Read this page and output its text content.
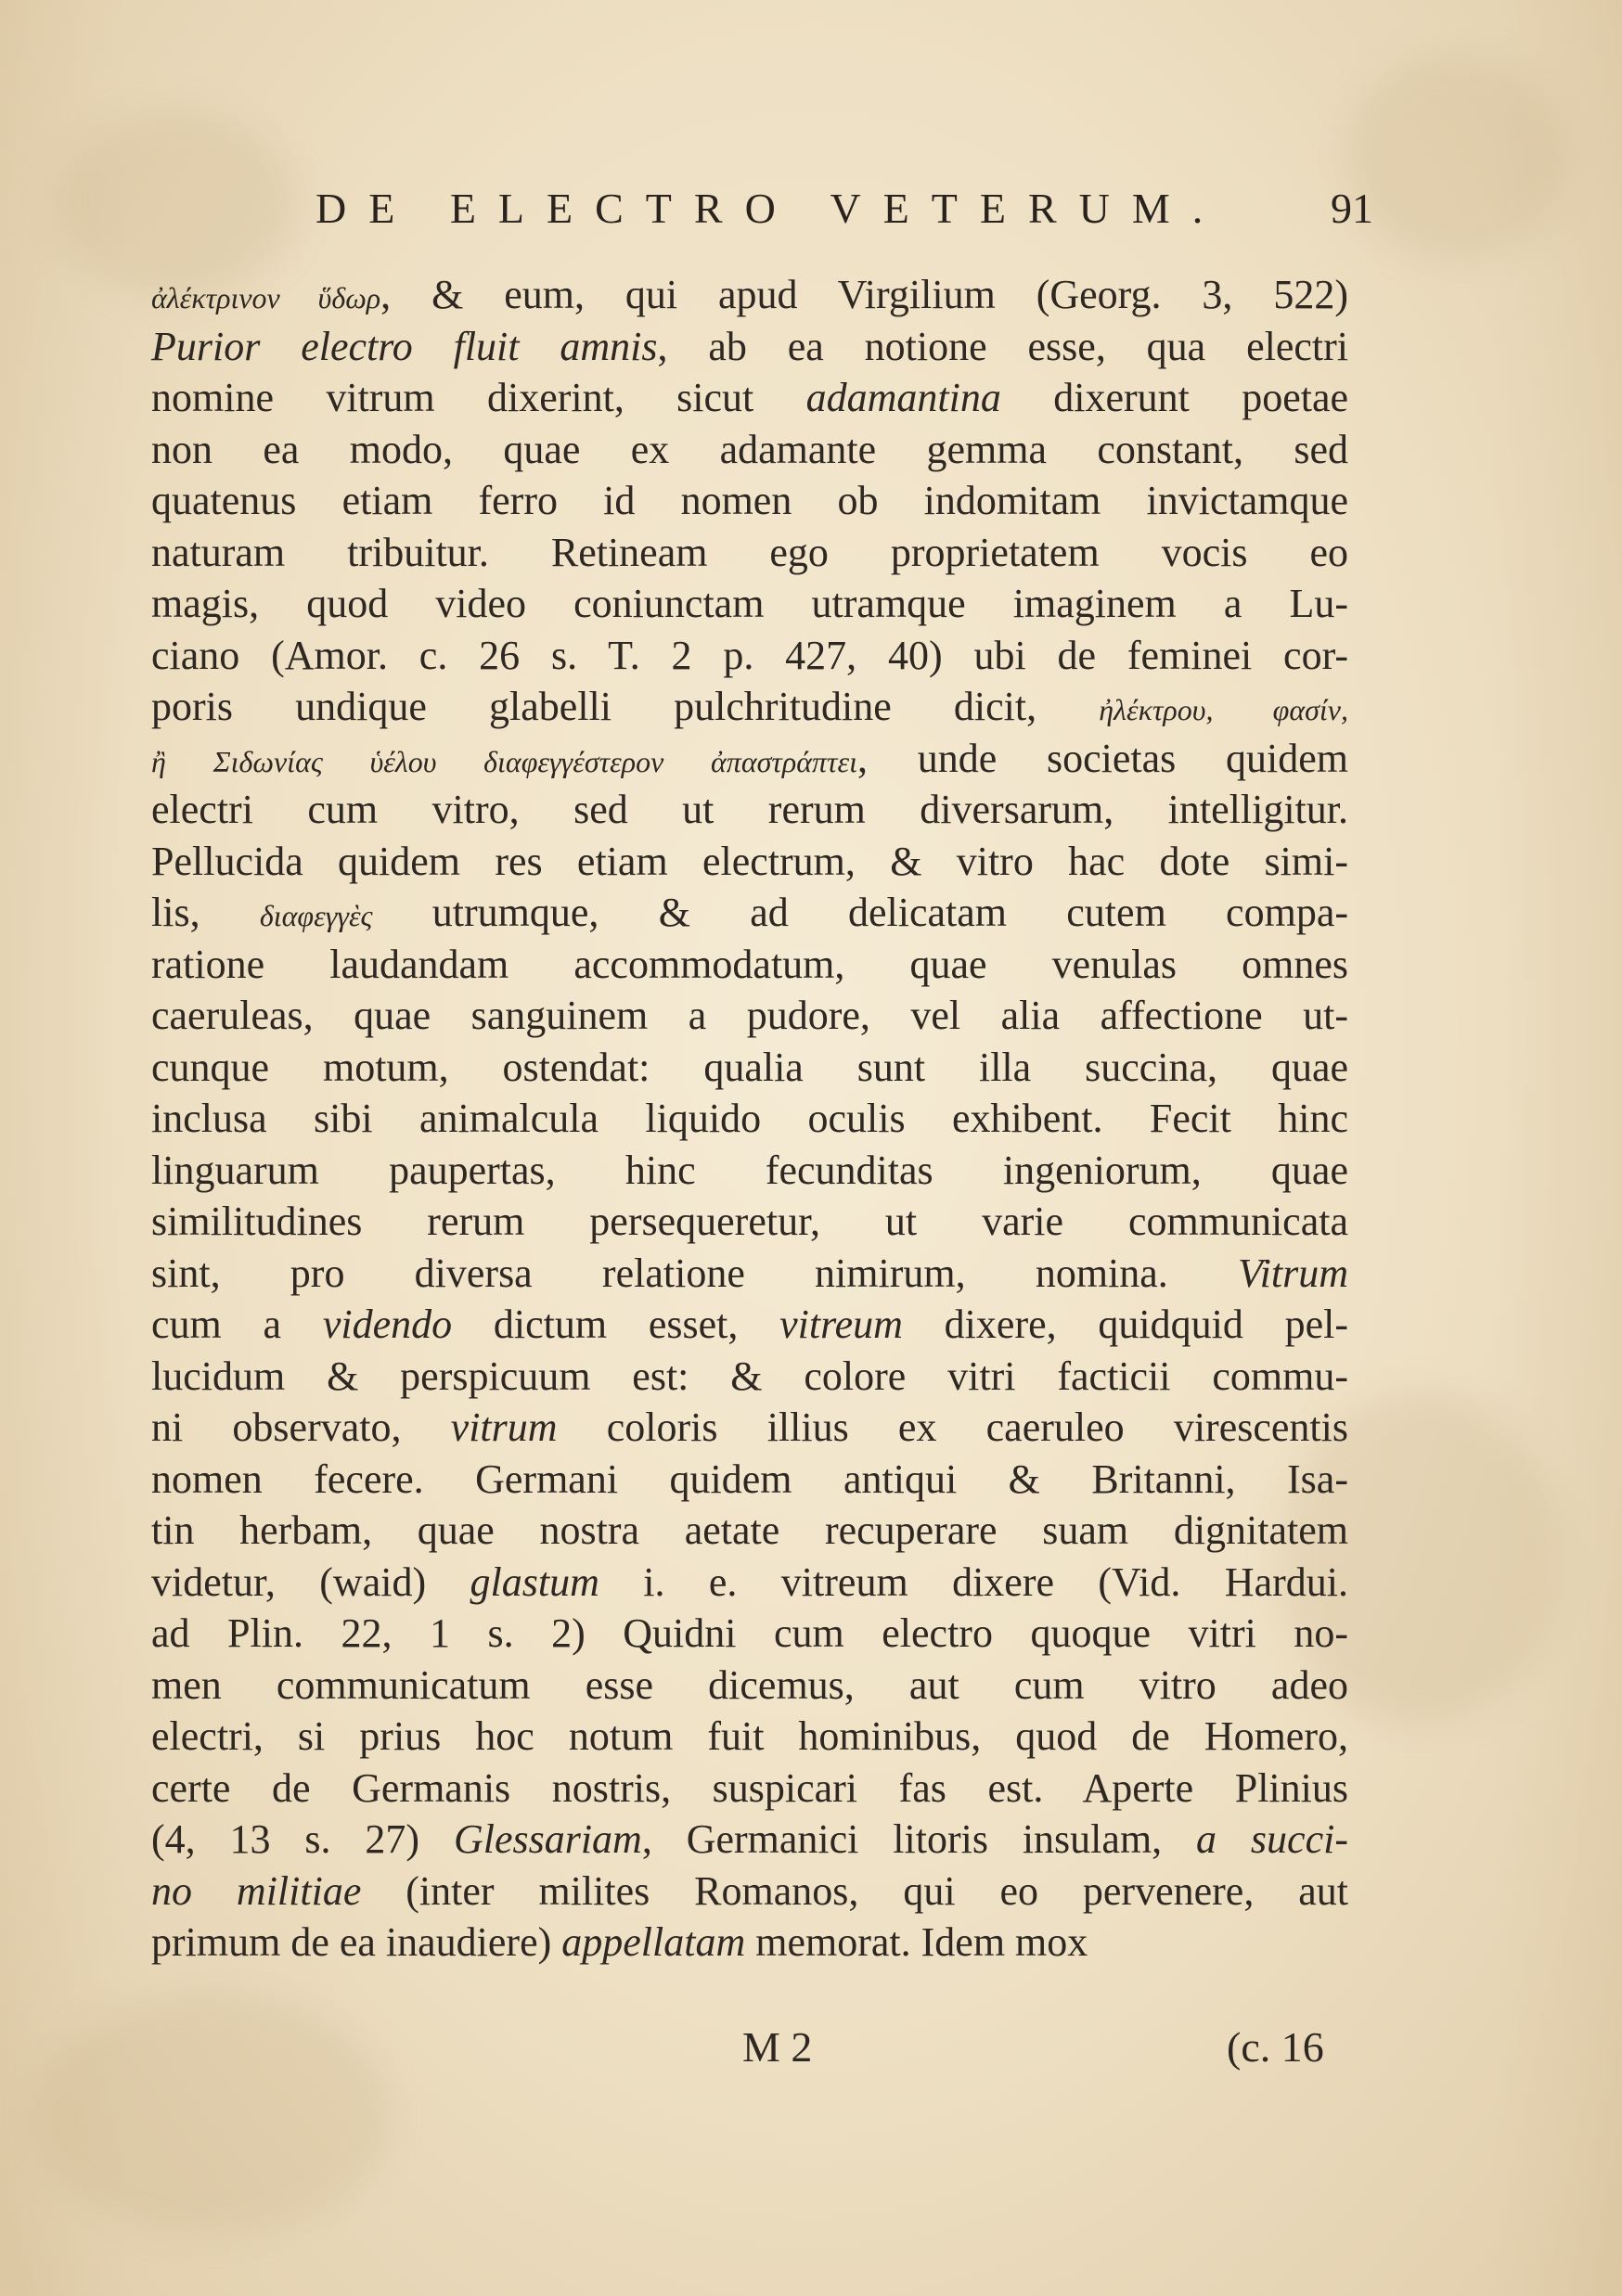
DE ELECTRO VETERUM. 91
ἀλέκτρινον ὕδωρ, & eum, qui apud Virgilium (Georg. 3, 522)
Purior electro fluit amnis, ab ea notione esse, qua electri
nomine vitrum dixerint, sicut adamantina dixerunt poetae
non ea modo, quae ex adamante gemma constant, sed
quatenus etiam ferro id nomen ob indomitam invictamque
naturam tribuitur. Retineam ego proprietatem vocis eo
magis, quod video coniunctam utramque imaginem a Lu-
ciano (Amor. c. 26 s. T. 2 p. 427, 40) ubi de feminei cor-
poris undique glabelli pulchritudine dicit, ἠλέκτρου, φασίν,
ἢ Σιδωνίας ὑέλου διαφεγγέστερον ἀπαστράπτει, unde societas quidem
electri cum vitro, sed ut rerum diversarum, intelligitur.
Pellucida quidem res etiam electrum, & vitro hac dote simi-
lis, διαφεγγὲς utrumque, & ad delicatam cutem compa-
ratione laudandam accommodatum, quae venulas omnes
caeruleas, quae sanguinem a pudore, vel alia affectione ut-
cunque motum, ostendat: qualia sunt illa succina, quae
inclusa sibi animalcula liquido oculis exhibent. Fecit hinc
linguarum paupertas, hinc fecunditas ingeniorum, quae
similitudines rerum persequeretur, ut varie communicata
sint, pro diversa relatione nimirum, nomina. Vitrum
cum a videndo dictum esset, vitreum dixere, quidquid pel-
lucidum & perspicuum est: & colore vitri facticii commu-
ni observato, vitrum coloris illius ex caeruleo virescentis
nomen fecere. Germani quidem antiqui & Britanni, Isa-
tin herbam, quae nostra aetate recuperare suam dignitatem
videtur, (waid) glastum i. e. vitreum dixere (Vid. Hardui.
ad Plin. 22, 1 s. 2) Quidni cum electro quoque vitri no-
men communicatum esse dicemus, aut cum vitro adeo
electri, si prius hoc notum fuit hominibus, quod de Homero,
certe de Germanis nostris, suspicari fas est. Aperte Plinius
(4, 13 s. 27) Glessariam, Germanici litoris insulam, a succi-
no militiae (inter milites Romanos, qui eo pervenere, aut
primum de ea inaudiere) appellatam memorat. Idem mox
M 2	(c. 16
